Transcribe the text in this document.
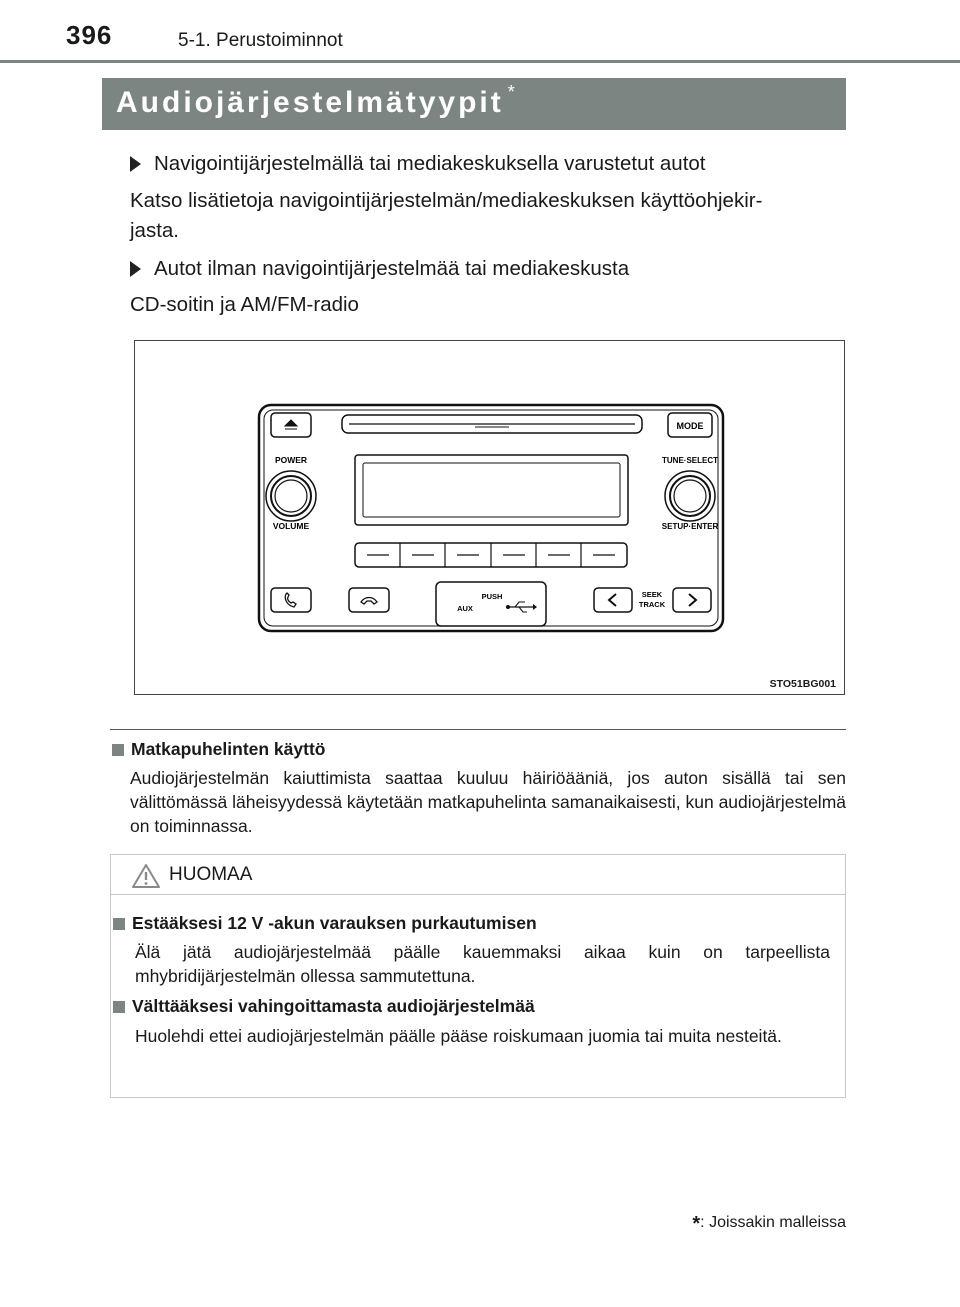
396	5-1. Perustoiminnot
Audiojärjestelmätyypit *
Navigointijärjestelmällä tai mediakeskuksella varustetut autot
Katso lisätietoja navigointijärjestelmän/mediakeskuksen käyttöohjekir-
jasta.
Autot ilman navigointijärjestelmää tai mediakeskusta
CD-soitin ja AM/FM-radio
MODE
POWER
VOLUME
TUNE·SELECT
SETUP·ENTER
PUSH
AUX
SEEK
TRACK
STO51BG001
Matkapuhelinten käyttö
Audiojärjestelmän kaiuttimista saattaa kuuluu häiriöääniä, jos auton sisällä tai sen välittömässä läheisyydessä käytetään matkapuhelinta samanaikaisesti, kun audiojärjestelmä on toiminnassa.
HUOMAA
Estääksesi 12 V -akun varauksen purkautumisen
Älä jätä audiojärjestelmää päälle kauemmaksi aikaa kuin on tarpeellista mhybridijärjestelmän ollessa sammutettuna.
Välttääksesi vahingoittamasta audiojärjestelmää
Huolehdi ettei audiojärjestelmän päälle pääse roiskumaan juomia tai muita nesteitä.
*: Joissakin malleissa
